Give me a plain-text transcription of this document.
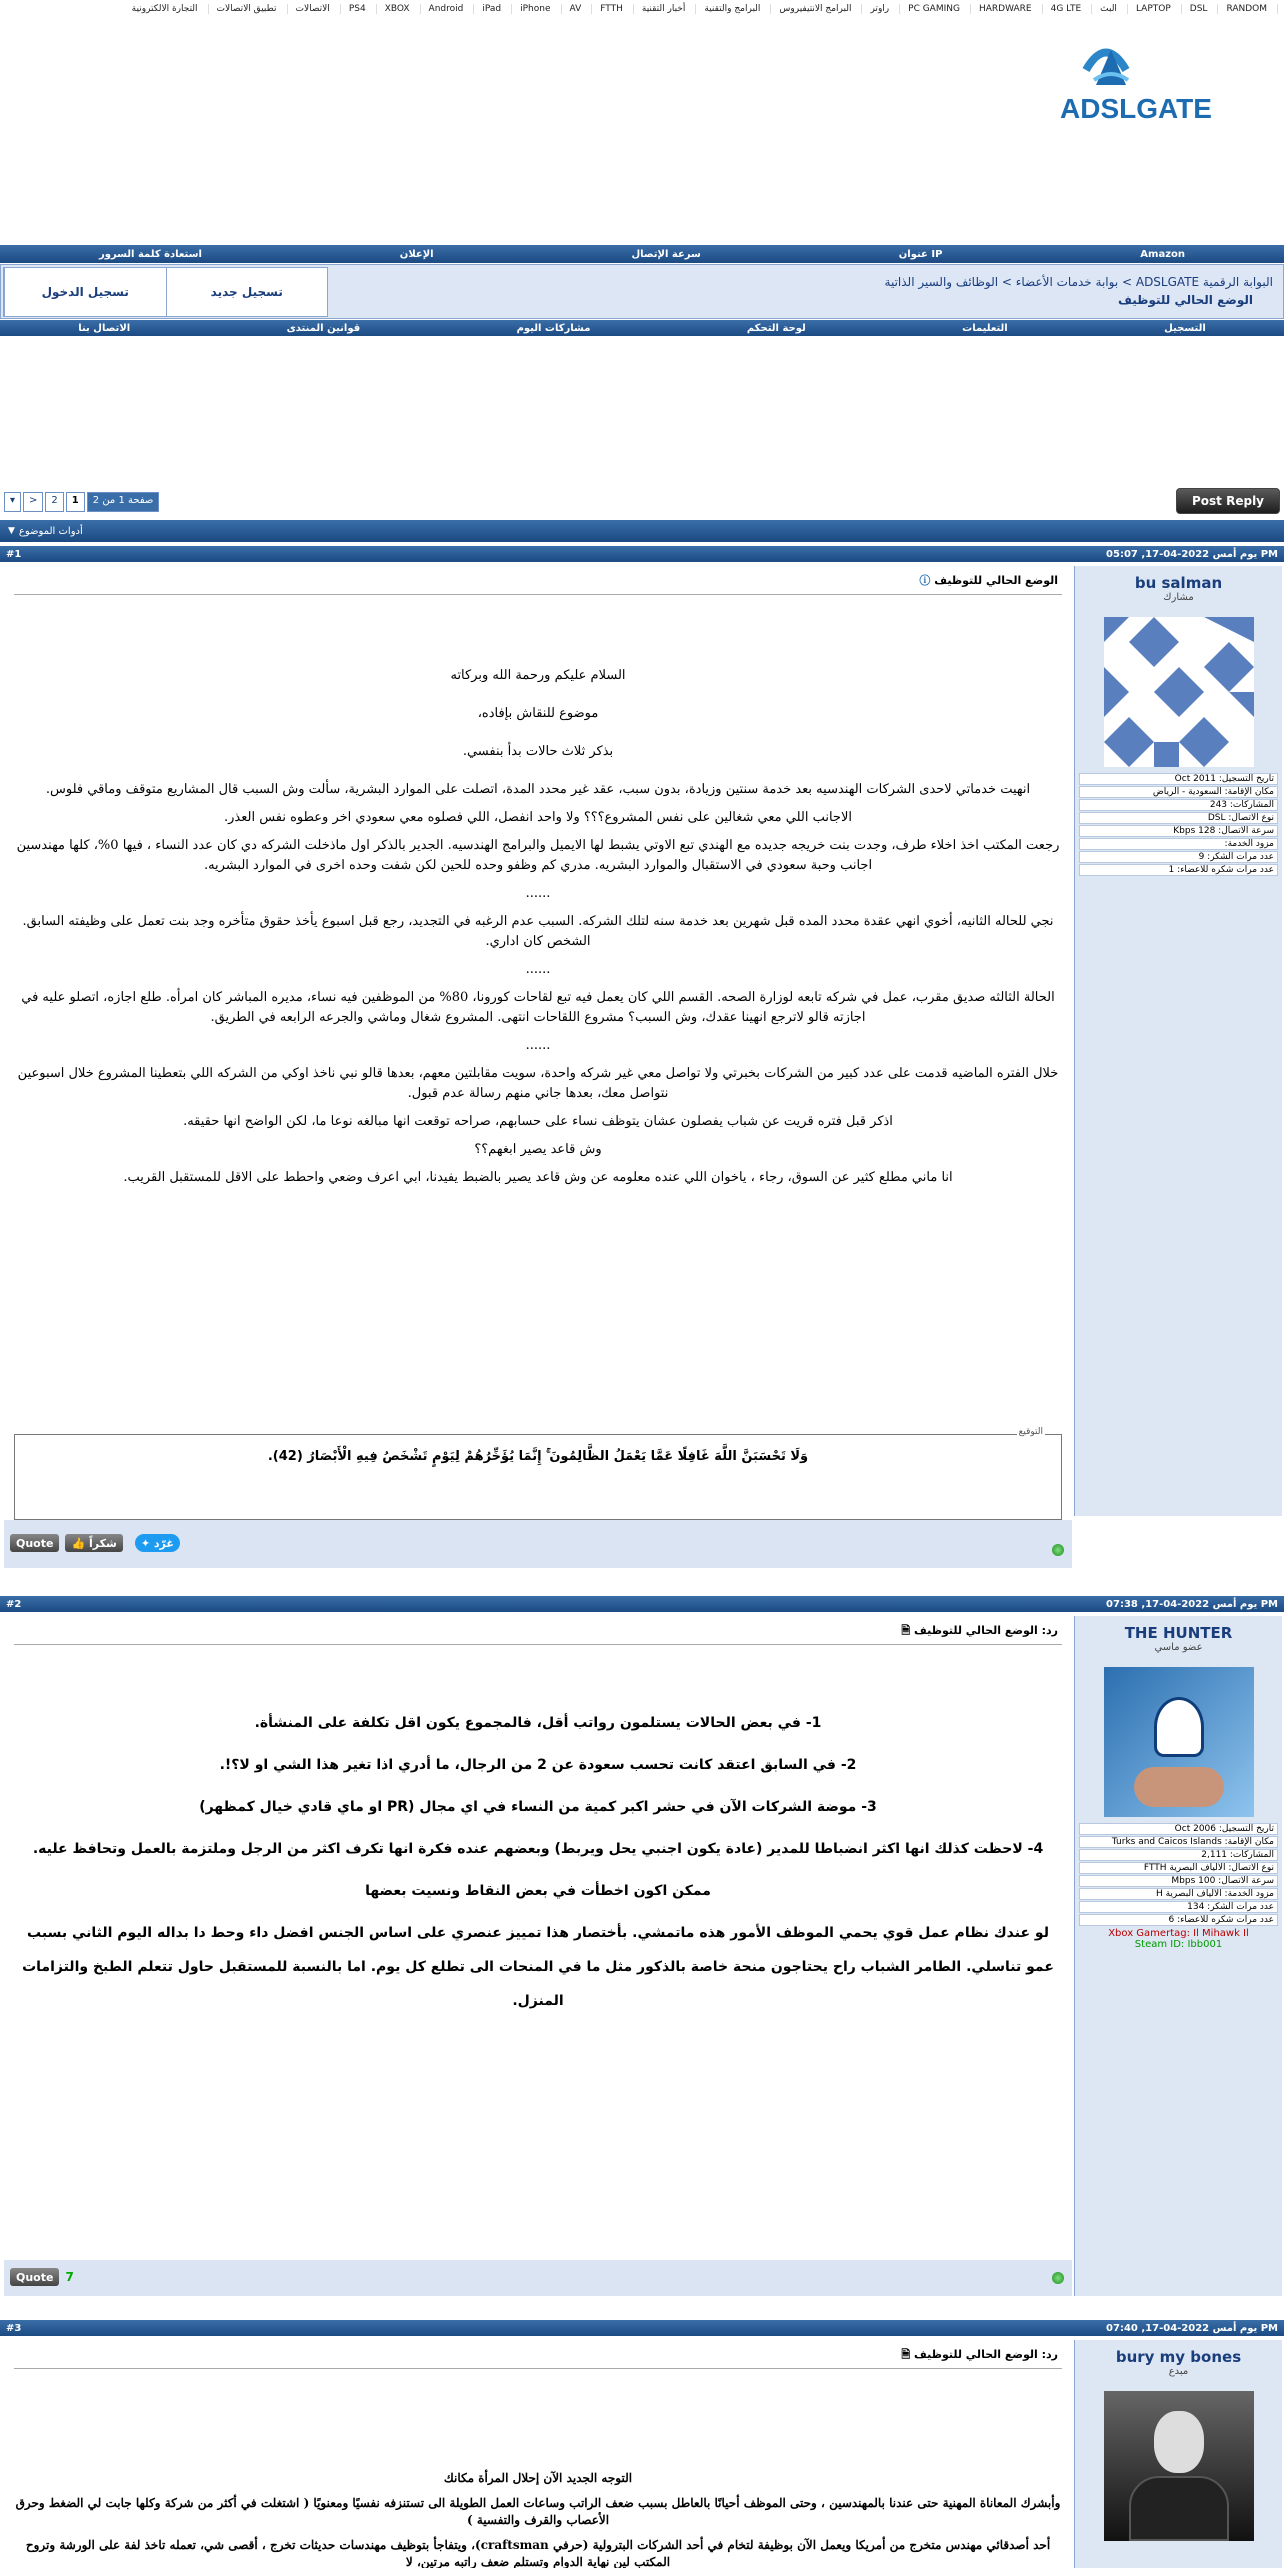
RANDOM
DSL
LAPTOP
البث
4G LTE
HARDWARE
PC GAMING
راوتر
البرامج الانتيفيروس
البرامج والتقنية
أخبار التقنية
FTTH
AV
iPhone
iPad
Android
XBOX
PS4
الاتصالات
تطبيق الاتصالات
التجارة الالكترونية
ADSLGATE
Amazon
عنوان IP
سرعة الإتصال
الإعلان
استعادة كلمة السرور
البوابة الرقمية ADSLGATE > بوابة خدمات الأعضاء > الوظائف والسير الذاتية
الوضع الحالي للتوظيف
تسجيل الدخول	تسجيل جديد
التسجيل
التعليمات
لوحة التحكم
مشاركات اليوم
قوانين المنتدى
الاتصال بنا
▾	>	2	1	صفحة 1 من 2	Post Reply
▼ أدوات الموضوع
#1	يوم أمس 2022-04-17, 05:07 PM
الوضع الحالي للتوظيف ⓘ

السلام عليكم ورحمة الله وبركاته

موضوع للنقاش بإفاده،

بذكر ثلاث حالات بدأ بنفسي.

انهيت خدماتي لاحدى الشركات الهندسيه بعد خدمة سنتين وزيادة، بدون سبب، عقد غير محدد المدة، اتصلت على الموارد البشرية، سألت وش السبب قال المشاريع متوقف وماقي فلوس.

الاجانب اللي معي شغالين على نفس المشروع؟؟؟ ولا واحد انفصل، اللي فصلوه معي سعودي اخر وعطوه نفس العذر.

رجعت المكتب اخذ اخلاء طرف، وجدت بنت خريجه جديده مع الهندي تبع الاوتي يشبط لها الايميل والبرامج الهندسيه. الجدير بالذكر اول ماذخلت الشركه دي كان عدد النساء ، فيها 0%، كلها مهندسين اجانب وحبة سعودي في الاستقبال والموارد البشريه. مدري كم وظفو وحده للحين لكن شفت وحده اخرى في الموارد البشريه.

......

نجي للحاله الثانيه، أخوي انهي عقدة محدد المده قبل شهرين بعد خدمة سنه لتلك الشركه. السبب عدم الرغبه في التجديد، رجع قبل اسبوع يأخذ حقوق متأخره وجد بنت تعمل على وظيفته السابق. الشخص كان اداري.

......

الحالة الثالثه صديق مقرب، عمل في شركه تابعه لوزارة الصحه. القسم اللي كان يعمل فيه تبع لقاحات كورونا، 80% من الموظفين فيه نساء، مديره المباشر كان امرأه. طلع اجازه، اتصلو عليه في اجازته قالو لاترجع انهينا عقدك، وش السبب؟ مشروع اللقاحات انتهى. المشروع شغال وماشي والجرعه الرابعه في الطريق.

......

خلال الفتره الماضيه قدمت على عدد كبير من الشركات بخبرتي ولا تواصل معي غير شركه واحدة، سويت مقابلتين معهم، بعدها قالو نبي ناخذ اوكي من الشركه اللي بتعطينا المشروع خلال اسبوعين نتواصل معك، بعدها جاني منهم رسالة عدم قبول.

اذكر قبل فتره قريت عن شباب يفصلون عشان يتوظف نساء على حسابهم، صراحه توقعت انها مبالغه نوعا ما، لكن الواضح انها حقيقه.

وش قاعد يصير ابغهم؟؟

انا ماني مطلع كثير عن السوق، رجاء ، ياخوان اللي عنده معلومه عن وش قاعد يصير بالضبط يفيدنا، ابي اعرف وضعي واحطط على الاقل للمستقبل القريب.

التوقيع
وَلَا تَحْسَبَنَّ اللَّهَ غَافِلًا عَمَّا يَعْمَلُ الظَّالِمُونَ ۚ إِنَّمَا يُؤَخِّرُهُمْ لِيَوْمٍ تَشْخَصُ فِيهِ الْأَبْصَارُ (42).
bu salman
مشارك
تاريخ التسجيل: Oct 2011
مكان الإقامة: السعودية - الرياض
المشاركات: 243
نوع الاتصال: DSL
سرعة الاتصال: Kbps 128
مزود الخدمة:
عدد مرات الشكر: 9
عدد مرات شكره للأعضاء: 1
Quote 👍
شكراً ✦
غرّد
#2	يوم أمس 2022-04-17, 07:38 PM
رد: الوضع الحالي للتوظيف 🗎

1- في بعض الحالات يستلمون رواتب أقل، فالمجموع يكون اقل تكلفة على المنشأة.

2- في السابق اعتقد كانت تحسب سعودة عن 2 من الرجال، ما أدري اذا تغير هذا الشي او لا؟!.

3- موضة الشركات الآن في حشر اكبر كمية من النساء في اي مجال (PR او ماي قادي خيال كمظهر)

4- لاحظت كذلك انها اكثر انضباطا للمدير (عادة يكون اجنبي يحل ويربط) وبعضهم عنده فكرة انها تكرف اكثر من الرجل وملتزمة بالعمل وتحافظ عليه.

ممكن اكون اخطأت في بعض النقاط ونسيت بعضها

لو عندك نظام عمل قوي يحمي الموظف الأمور هذه ماتمشي. بأختصار هذا تمييز عنصري على اساس الجنس افضل داء وحط دا بداله اليوم الثاني بسبب عمو تناسلي. الطامر الشباب راح يحتاجون منحة خاصة بالذكور مثل ما في المنحات الى تطلع كل يوم. اما بالنسبة للمستقبل حاول تتعلم الطبخ والتزامات المنزل.

THE HUNTER
عضو ماسي
تاريخ التسجيل: Oct 2006
مكان الإقامة: Turks and Caicos Islands
المشاركات: 2,111
نوع الاتصال: الألياف البصرية FTTH
سرعة الاتصال: Mbps 100
مزود الخدمة: الألياف البصرية H
عدد مرات الشكر: 134
عدد مرات شكره للأعضاء: 6
Xbox Gamertag: Il Mihawk Il
Steam ID: Ibb001
Quote 7
#3	يوم أمس 2022-04-17, 07:40 PM
رد: الوضع الحالي للتوظيف 🗎

التوجه الجديد الآن إحلال المرأة مكانك

وأبشرك المعاناة المهنية حتى عندنا بالمهندسين ، وحتى الموظف أحيانًا بالعاطل بسبب ضعف الراتب وساعات العمل الطويلة الى تستنزفه نفسيًا ومعنويًا ( اشتغلت في أكثر من شركة وكلها جابت لي الضغط وحرق الأعصاب والقرف والتفسية )

أحد أصدقائي مهندس متخرج من أمريكا ويعمل الآن بوظيفة لتخام في أحد الشركات البترولية (حرفي craftsman)، ويتفاجأ بتوظيف مهندسات حديثات تخرج ، أقصى شي، تعمله تاخذ لفة على الورشة وتروح المكتب لين نهاية الدوام وتستلم ضعف راتبه مرتين، لا

bury my bones
مبدع
